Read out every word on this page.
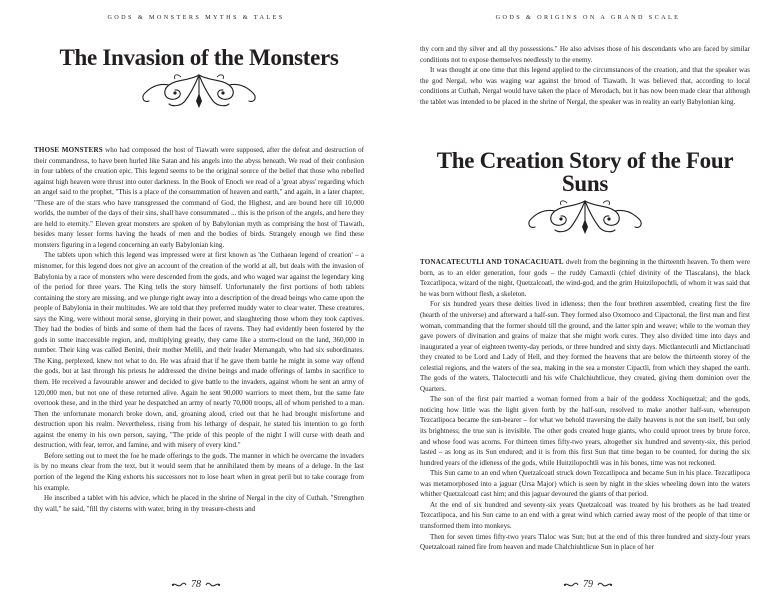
GODS & MONSTERS MYTHS & TALES
The Invasion of the Monsters

THOSE MONSTERS who had composed the host of Tiawath were supposed, after the defeat and destruction of their commandress, to have been hurled like Satan and his angels into the abyss beneath. We read of their confusion in four tablets of the creation epic. This legend seems to be the original source of the belief that those who rebelled against high heaven were thrust into outer darkness. In the Book of Enoch we read of a 'great abyss' regarding which an angel said to the prophet, "This is a place of the consummation of heaven and earth," and again, in a later chapter, "These are of the stars who have transgressed the command of God, the Highest, and are bound here till 10,000 worlds, the number of the days of their sins, shall have consummated ... this is the prison of the angels, and here they are held to eternity." Eleven great monsters are spoken of by Babylonian myth as comprising the host of Tiawath, besides many lesser forms having the heads of men and the bodies of birds. Strangely enough we find these monsters figuring in a legend concerning an early Babylonian king.

The tablets upon which this legend was impressed were at first known as 'the Cuthaean legend of creation' – a misnomer, for this legend does not give an account of the creation of the world at all, but deals with the invasion of Babylonia by a race of monsters who were descended from the gods, and who waged war against the legendary king of the period for three years. The King tells the story himself. Unfortunately the first portions of both tablets containing the story are missing, and we plunge right away into a description of the dread beings who came upon the people of Babylonia in their multitudes. We are told that they preferred muddy water to clear water. These creatures, says the King, were without moral sense, glorying in their power, and slaughtering those whom they took captives. They had the bodies of birds and some of them had the faces of ravens. They had evidently been fostered by the gods in some inaccessible region, and, multiplying greatly, they came like a storm-cloud on the land, 360,000 in number. Their king was called Benini, their mother Melili, and their leader Memangab, who had six subordinates. The King, perplexed, knew not what to do. He was afraid that if he gave them battle he might in some way offend the gods, but at last through his priests he addressed the divine beings and made offerings of lambs in sacrifice to them. He received a favourable answer and decided to give battle to the invaders, against whom he sent an army of 120,000 men, but not one of these returned alive. Again he sent 90,000 warriors to meet them, but the same fate overtook these, and in the third year he despatched an army of nearly 70,000 troops, all of whom perished to a man. Then the unfortunate monarch broke down, and, groaning aloud, cried out that he had brought misfortune and destruction upon his realm. Nevertheless, rising from his lethargy of despair, he stated his intention to go forth against the enemy in his own person, saying, "The pride of this people of the night I will curse with death and destruction, with fear, terror, and famine, and with misery of every kind."

Before setting out to meet the foe he made offerings to the gods. The manner in which he overcame the invaders is by no means clear from the text, but it would seem that he annihilated them by means of a deluge. In the last portion of the legend the King exhorts his successors not to lose heart when in great peril but to take courage from his example.

He inscribed a tablet with his advice, which he placed in the shrine of Nergal in the city of Cuthah. "Strengthen thy wall," he said, "fill thy cisterns with water, bring in thy treasure-chests and

78
GODS & ORIGINS ON A GRAND SCALE

thy corn and thy silver and all thy possessions." He also advises those of his descendants who are faced by similar conditions not to expose themselves needlessly to the enemy.

It was thought at one time that this legend applied to the circumstances of the creation, and that the speaker was the god Nergal, who was waging war against the brood of Tiawath. It was believed that, according to local conditions at Cuthah, Nergal would have taken the place of Merodach, but it has now been made clear that although the tablet was intended to be placed in the shrine of Nergal, the speaker was in reality an early Babylonian king.

The Creation Story of the Four Suns

TONACATECUTLI AND TONACACIUATL dwelt from the beginning in the thirteenth heaven. To them were born, as to an elder generation, four gods – the ruddy Camaxtli (chief divinity of the Tlascalans), the black Tezcatlipoca, wizard of the night, Quetzalcoatl, the wind-god, and the grim Huitzilopochtli, of whom it was said that he was born without flesh, a skeleton.

For six hundred years these deities lived in idleness; then the four brethren assembled, creating first the fire (hearth of the universe) and afterward a half-sun. They formed also Oxomoco and Cipactonal, the first man and first woman, commanding that the former should till the ground, and the latter spin and weave; while to the woman they gave powers of divination and grains of maize that she might work cures. They also divided time into days and inaugurated a year of eighteen twenty-day periods, or three hundred and sixty days. Mictlantecutli and Mictlanciuatl they created to be Lord and Lady of Hell, and they formed the heavens that are below the thirteenth storey of the celestial regions, and the waters of the sea, making in the sea a monster Cipactli, from which they shaped the earth. The gods of the waters, Tlaloctecutli and his wife Chalchiuhtlicue, they created, giving them dominion over the Quarters.

The son of the first pair married a woman formed from a hair of the goddess Xochiquetzal; and the gods, noticing how little was the light given forth by the half-sun, resolved to make another half-sun, whereupon Tezcatlipoca became the sun-bearer – for what we behold traversing the daily heavens is not the sun itself, but only its brightness; the true sun is invisible. The other gods created huge giants, who could uproot trees by brute force, and whose food was acorns. For thirteen times fifty-two years, altogether six hundred and seventy-six, this period lasted – as long as its Sun endured; and it is from this first Sun that time began to be counted, for during the six hundred years of the idleness of the gods, while Huitzilopochtli was in his bones, time was not reckoned.

This Sun came to an end when Quetzalcoatl struck down Tezcatlipoca and became Sun in his place. Tezcatlipoca was metamorphosed into a jaguar (Ursa Major) which is seen by night in the skies wheeling down into the waters whither Quetzalcoatl cast him; and this jaguar devoured the giants of that period.

At the end of six hundred and seventy-six years Quetzalcoatl was treated by his brothers as he had treated Tezcatlipoca, and his Sun came to an end with a great wind which carried away most of the people of that time or transformed them into monkeys.

Then for seven times fifty-two years Tlaloc was Sun; but at the end of this three hundred and sixty-four years Quetzalcoatl rained fire from heaven and made Chalchiuhtlicue Sun in place of her

79
